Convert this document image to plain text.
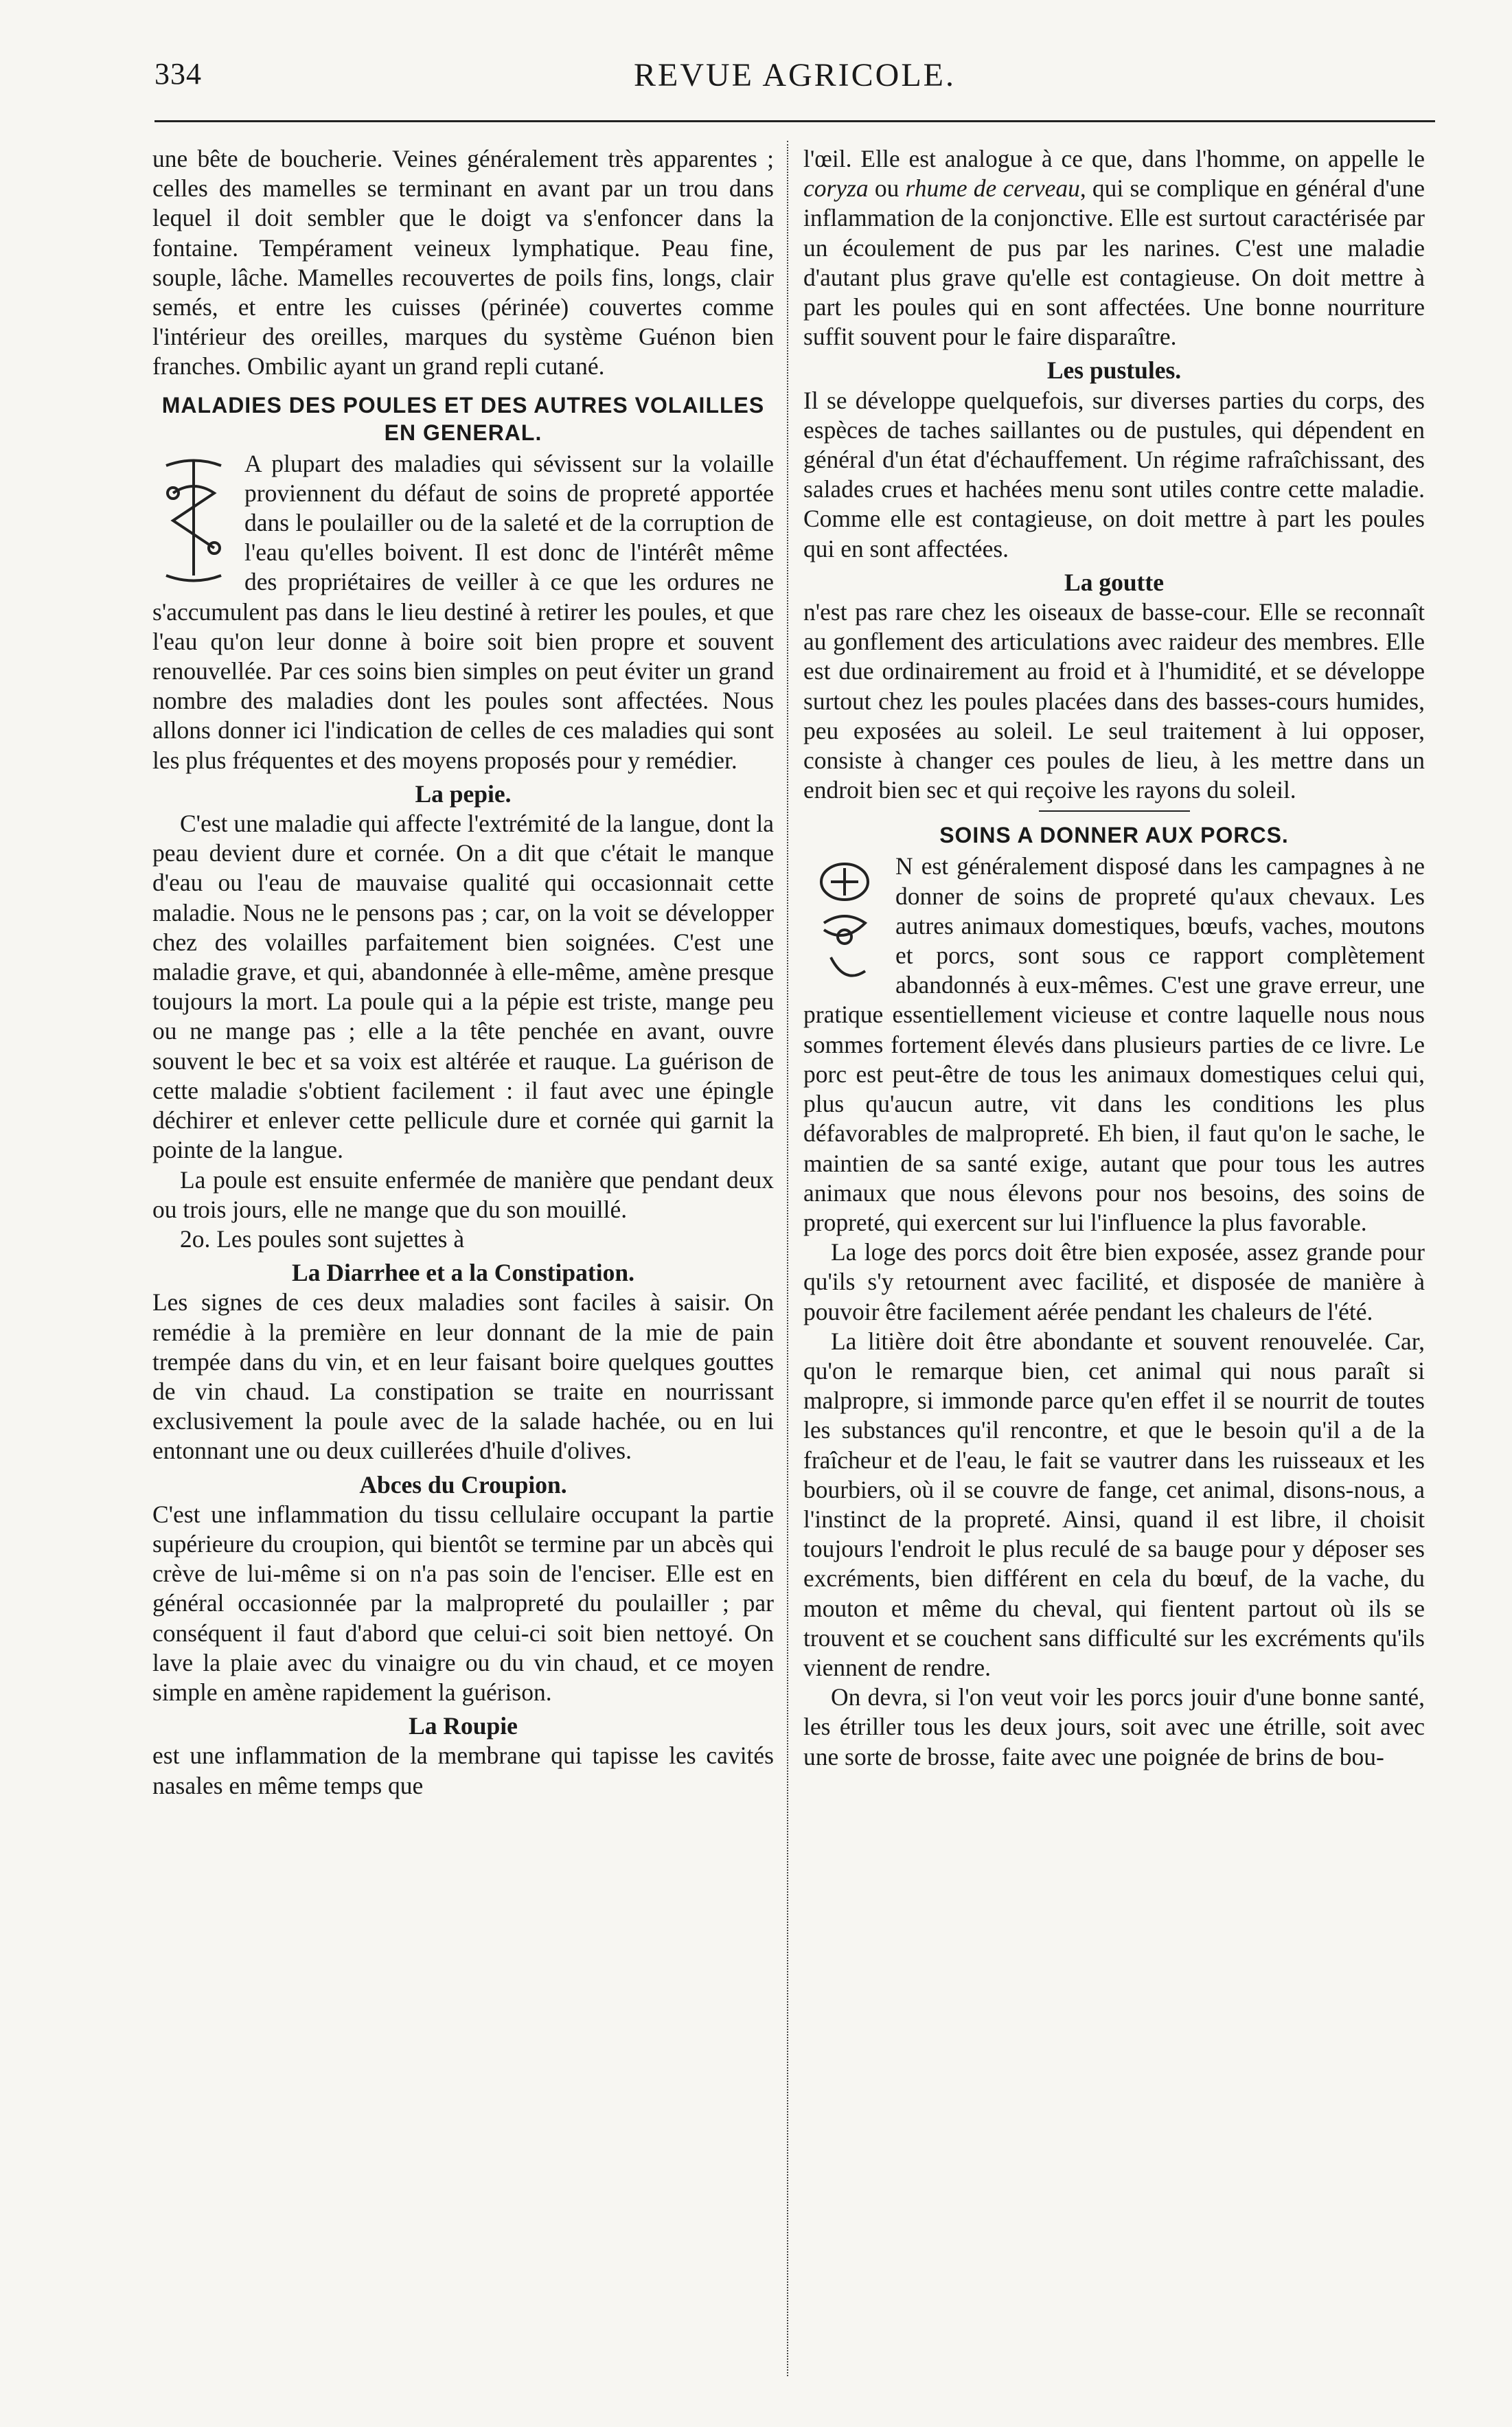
334	REVUE AGRICOLE.

une bête de boucherie. Veines généralement très apparentes ; celles des mamelles se terminant en avant par un trou dans lequel il doit sembler que le doigt va s'enfoncer dans la fontaine. Tempérament veineux lymphatique. Peau fine, souple, lâche. Mamelles recouvertes de poils fins, longs, clair semés, et entre les cuisses (périnée) couvertes comme l'intérieur des oreilles, marques du système Guénon bien franches. Ombilic ayant un grand repli cutané.

MALADIES DES POULES ET DES AUTRES VOLAILLES EN GENERAL.

A plupart des maladies qui sévissent sur la volaille proviennent du défaut de soins de propreté apportée dans le poulailler ou de la saleté et de la corruption de l'eau qu'elles boivent. Il est donc de l'intérêt même des propriétaires de veiller à ce que les ordures ne s'accumulent pas dans le lieu destiné à retirer les poules, et que l'eau qu'on leur donne à boire soit bien propre et souvent renouvellée. Par ces soins bien simples on peut éviter un grand nombre des maladies dont les poules sont affectées. Nous allons donner ici l'indication de celles de ces maladies qui sont les plus fréquentes et des moyens proposés pour y remédier.

La pepie.

C'est une maladie qui affecte l'extrémité de la langue, dont la peau devient dure et cornée. On a dit que c'était le manque d'eau ou l'eau de mauvaise qualité qui occasionnait cette maladie. Nous ne le pensons pas ; car, on la voit se développer chez des volailles parfaitement bien soignées. C'est une maladie grave, et qui, abandonnée à elle-même, amène presque toujours la mort. La poule qui a la pépie est triste, mange peu ou ne mange pas ; elle a la tête penchée en avant, ouvre souvent le bec et sa voix est altérée et rauque. La guérison de cette maladie s'obtient facilement : il faut avec une épingle déchirer et enlever cette pellicule dure et cornée qui garnit la pointe de la langue.

La poule est ensuite enfermée de manière que pendant deux ou trois jours, elle ne mange que du son mouillé.

2o. Les poules sont sujettes à

La Diarrhee et a la Constipation.

Les signes de ces deux maladies sont faciles à saisir. On remédie à la première en leur donnant de la mie de pain trempée dans du vin, et en leur faisant boire quelques gouttes de vin chaud. La constipation se traite en nourrissant exclusivement la poule avec de la salade hachée, ou en lui entonnant une ou deux cuillerées d'huile d'olives.

Abces du Croupion.

C'est une inflammation du tissu cellulaire occupant la partie supérieure du croupion, qui bientôt se termine par un abcès qui crève de lui-même si on n'a pas soin de l'enciser. Elle est en général occasionnée par la malpropreté du poulailler ; par conséquent il faut d'abord que celui-ci soit bien nettoyé. On lave la plaie avec du vinaigre ou du vin chaud, et ce moyen simple en amène rapidement la guérison.

La Roupie

est une inflammation de la membrane qui tapisse les cavités nasales en même temps que

l'œil. Elle est analogue à ce que, dans l'homme, on appelle le coryza ou rhume de cerveau, qui se complique en général d'une inflammation de la conjonctive. Elle est surtout caractérisée par un écoulement de pus par les narines. C'est une maladie d'autant plus grave qu'elle est contagieuse. On doit mettre à part les poules qui en sont affectées. Une bonne nourriture suffit souvent pour le faire disparaître.

Les pustules.

Il se développe quelquefois, sur diverses parties du corps, des espèces de taches saillantes ou de pustules, qui dépendent en général d'un état d'échauffement. Un régime rafraîchissant, des salades crues et hachées menu sont utiles contre cette maladie. Comme elle est contagieuse, on doit mettre à part les poules qui en sont affectées.

La goutte

n'est pas rare chez les oiseaux de basse-cour. Elle se reconnaît au gonflement des articulations avec raideur des membres. Elle est due ordinairement au froid et à l'humidité, et se développe surtout chez les poules placées dans des basses-cours humides, peu exposées au soleil. Le seul traitement à lui opposer, consiste à changer ces poules de lieu, à les mettre dans un endroit bien sec et qui reçoive les rayons du soleil.

SOINS A DONNER AUX PORCS.

N est généralement disposé dans les campagnes à ne donner de soins de propreté qu'aux chevaux. Les autres animaux domestiques, bœufs, vaches, moutons et porcs, sont sous ce rapport complètement abandonnés à eux-mêmes. C'est une grave erreur, une pratique essentiellement vicieuse et contre laquelle nous nous sommes fortement élevés dans plusieurs parties de ce livre. Le porc est peut-être de tous les animaux domestiques celui qui, plus qu'aucun autre, vit dans les conditions les plus défavorables de malpropreté. Eh bien, il faut qu'on le sache, le maintien de sa santé exige, autant que pour tous les autres animaux que nous élevons pour nos besoins, des soins de propreté, qui exercent sur lui l'influence la plus favorable.

La loge des porcs doit être bien exposée, assez grande pour qu'ils s'y retournent avec facilité, et disposée de manière à pouvoir être facilement aérée pendant les chaleurs de l'été.

La litière doit être abondante et souvent renouvelée. Car, qu'on le remarque bien, cet animal qui nous paraît si malpropre, si immonde parce qu'en effet il se nourrit de toutes les substances qu'il rencontre, et que le besoin qu'il a de la fraîcheur et de l'eau, le fait se vautrer dans les ruisseaux et les bourbiers, où il se couvre de fange, cet animal, disons-nous, a l'instinct de la propreté. Ainsi, quand il est libre, il choisit toujours l'endroit le plus reculé de sa bauge pour y déposer ses excréments, bien différent en cela du bœuf, de la vache, du mouton et même du cheval, qui fientent partout où ils se trouvent et se couchent sans difficulté sur les excréments qu'ils viennent de rendre.

On devra, si l'on veut voir les porcs jouir d'une bonne santé, les étriller tous les deux jours, soit avec une étrille, soit avec une sorte de brosse, faite avec une poignée de brins de bou-
